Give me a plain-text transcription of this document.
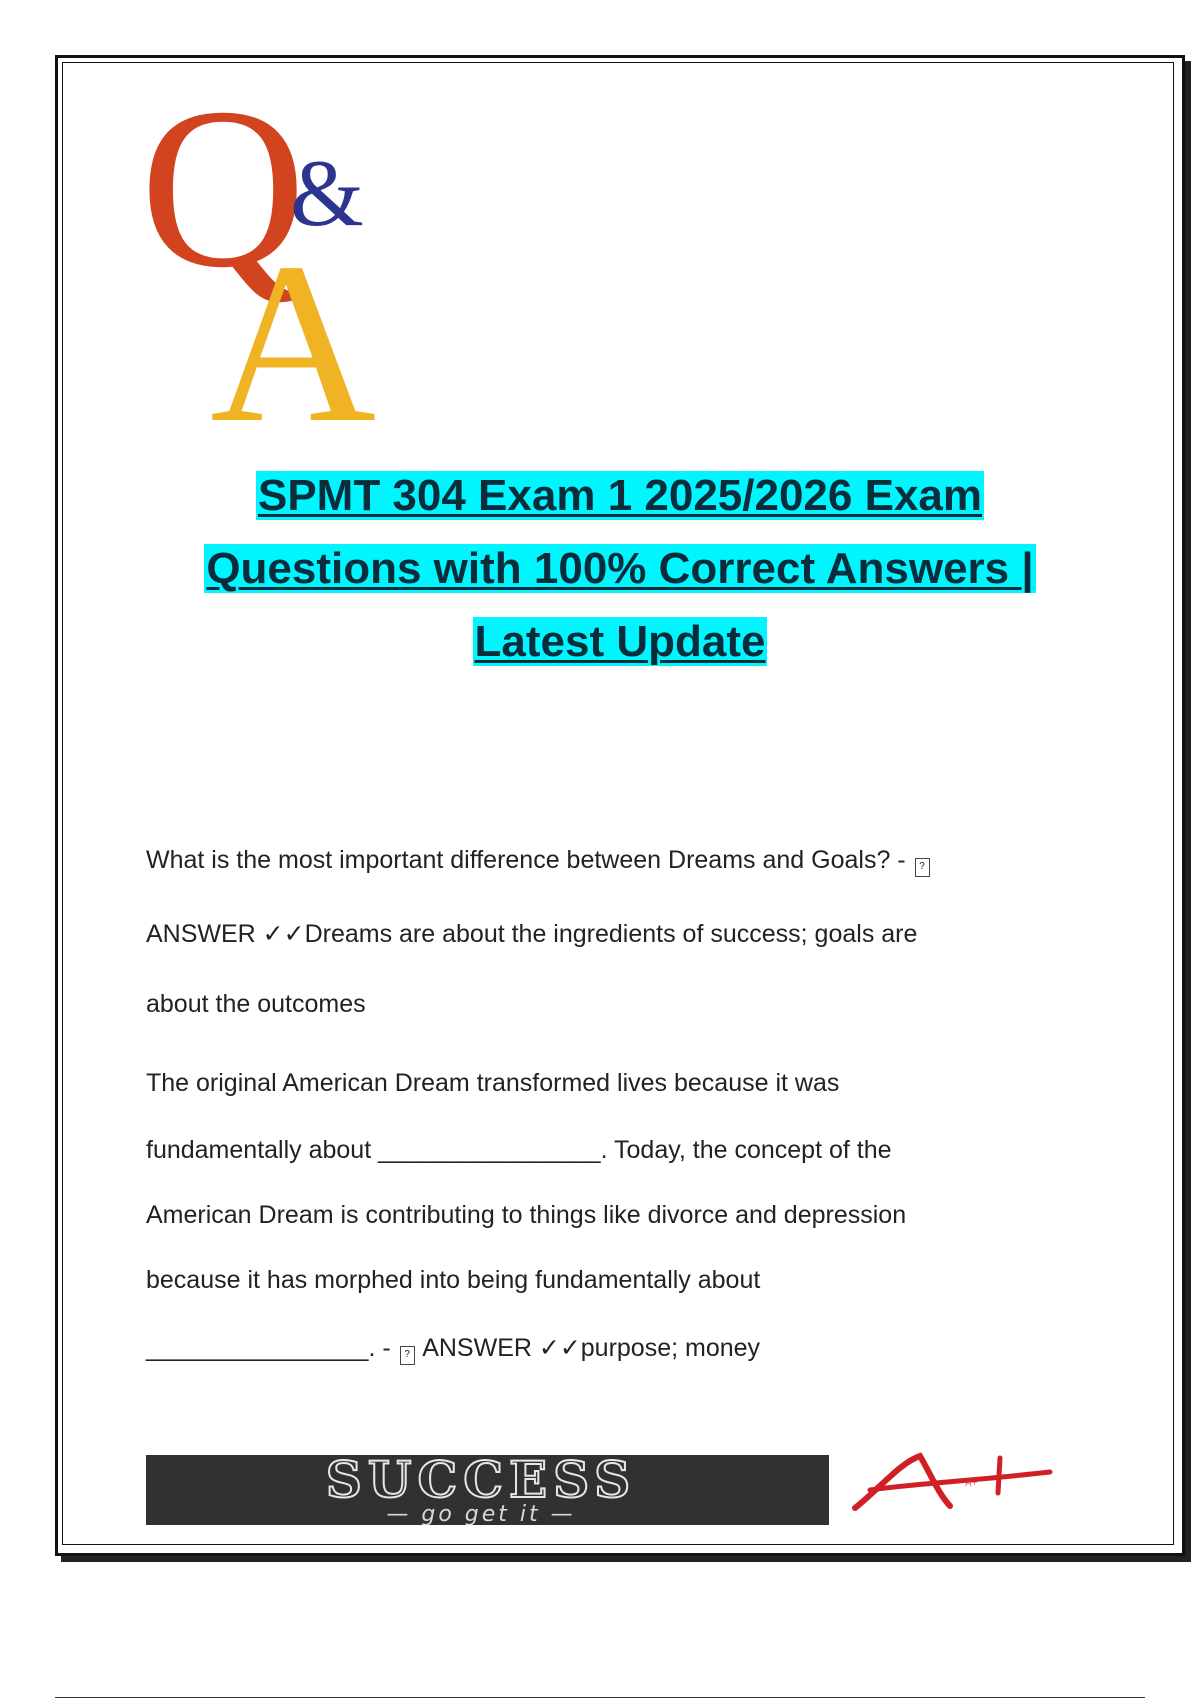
Q
&
A
SPMT 304 Exam 1 2025/2026 Exam
Questions with 100% Correct Answers |
Latest Update
What is the most important difference between Dreams and Goals? - ?
ANSWER ✓✓Dreams are about the ingredients of success; goals are
about the outcomes
The original American Dream transformed lives because it was
fundamentally about ________________. Today, the concept of the
American Dream is contributing to things like divorce and depression
because it has morphed into being fundamentally about
________________. - ? ANSWER ✓✓purpose; money
SUCCESS
— go get it —
A+
